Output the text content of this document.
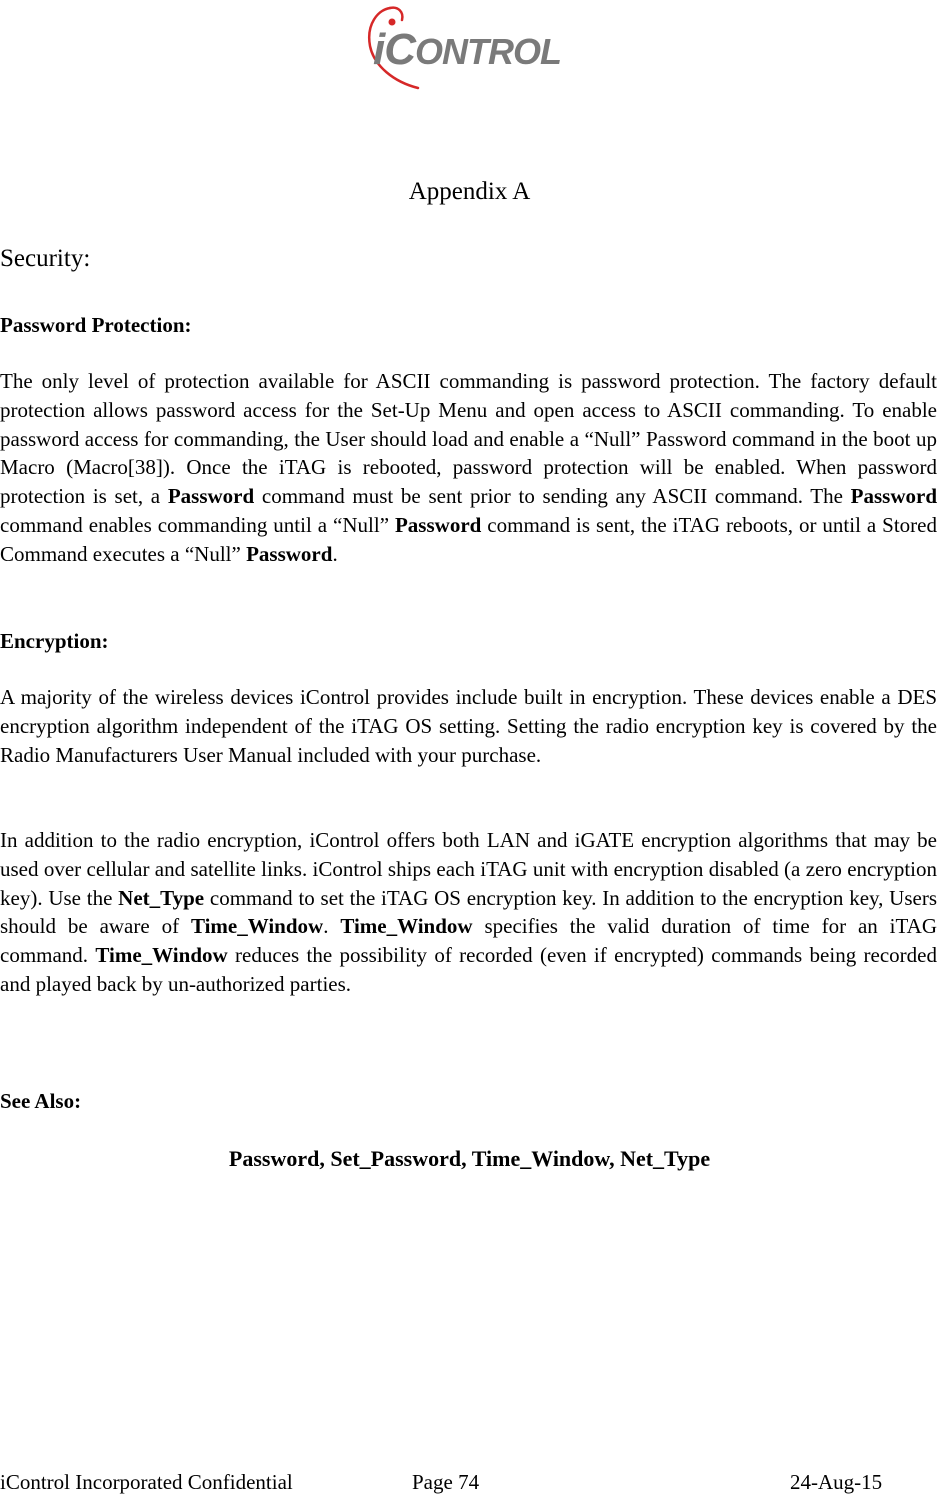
iCONTROL
Appendix A
Security:
Password Protection:
The only level of protection available for ASCII commanding is password protection. The factory default protection allows password access for the Set-Up Menu and open access to ASCII commanding. To enable password access for commanding, the User should load and enable a “Null” Password command in the boot up Macro (Macro[38]). Once the iTAG is rebooted, password protection will be enabled. When password protection is set, a Password command must be sent prior to sending any ASCII command. The Password command enables commanding until a “Null” Password command is sent, the iTAG reboots, or until a Stored Command executes a “Null” Password.
Encryption:
A majority of the wireless devices iControl provides include built in encryption. These devices enable a DES encryption algorithm independent of the iTAG OS setting. Setting the radio encryption key is covered by the Radio Manufacturers User Manual included with your purchase.
In addition to the radio encryption, iControl offers both LAN and iGATE encryption algorithms that may be used over cellular and satellite links. iControl ships each iTAG unit with encryption disabled (a zero encryption key). Use the Net_Type command to set the iTAG OS encryption key. In addition to the encryption key, Users should be aware of Time_Window. Time_Window specifies the valid duration of time for an iTAG command. Time_Window reduces the possibility of recorded (even if encrypted) commands being recorded and played back by un-authorized parties.
See Also:
Password, Set_Password, Time_Window, Net_Type
iControl Incorporated Confidential	Page 74	24-Aug-15
